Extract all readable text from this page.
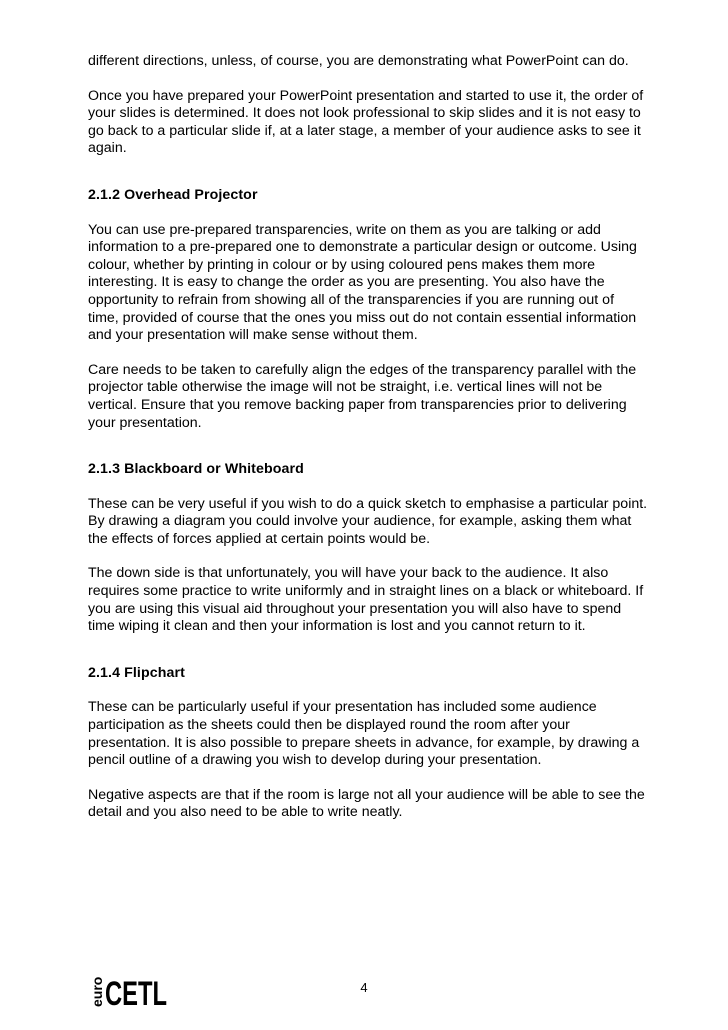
different directions, unless, of course, you are demonstrating what PowerPoint can do.

Once you have prepared your PowerPoint presentation and started to use it, the order of your slides is determined. It does not look professional to skip slides and it is not easy to go back to a particular slide if, at a later stage, a member of your audience asks to see it again.

2.1.2 Overhead Projector

You can use pre-prepared transparencies, write on them as you are talking or add information to a pre-prepared one to demonstrate a particular design or outcome. Using colour, whether by printing in colour or by using coloured pens makes them more interesting. It is easy to change the order as you are presenting. You also have the opportunity to refrain from showing all of the transparencies if you are running out of time, provided of course that the ones you miss out do not contain essential information and your presentation will make sense without them.

Care needs to be taken to carefully align the edges of the transparency parallel with the projector table otherwise the image will not be straight, i.e. vertical lines will not be vertical. Ensure that you remove backing paper from transparencies prior to delivering your presentation.

2.1.3 Blackboard or Whiteboard

These can be very useful if you wish to do a quick sketch to emphasise a particular point. By drawing a diagram you could involve your audience, for example, asking them what the effects of forces applied at certain points would be.

The down side is that unfortunately, you will have your back to the audience. It also requires some practice to write uniformly and in straight lines on a black or whiteboard. If you are using this visual aid throughout your presentation you will also have to spend time wiping it clean and then your information is lost and you cannot return to it.

2.1.4 Flipchart

These can be particularly useful if your presentation has included some audience participation as the sheets could then be displayed round the room after your presentation. It is also possible to prepare sheets in advance, for example, by drawing a pencil outline of a drawing you wish to develop during your presentation.

Negative aspects are that if the room is large not all your audience will be able to see the detail and you also need to be able to write neatly.

euro CETL	4
